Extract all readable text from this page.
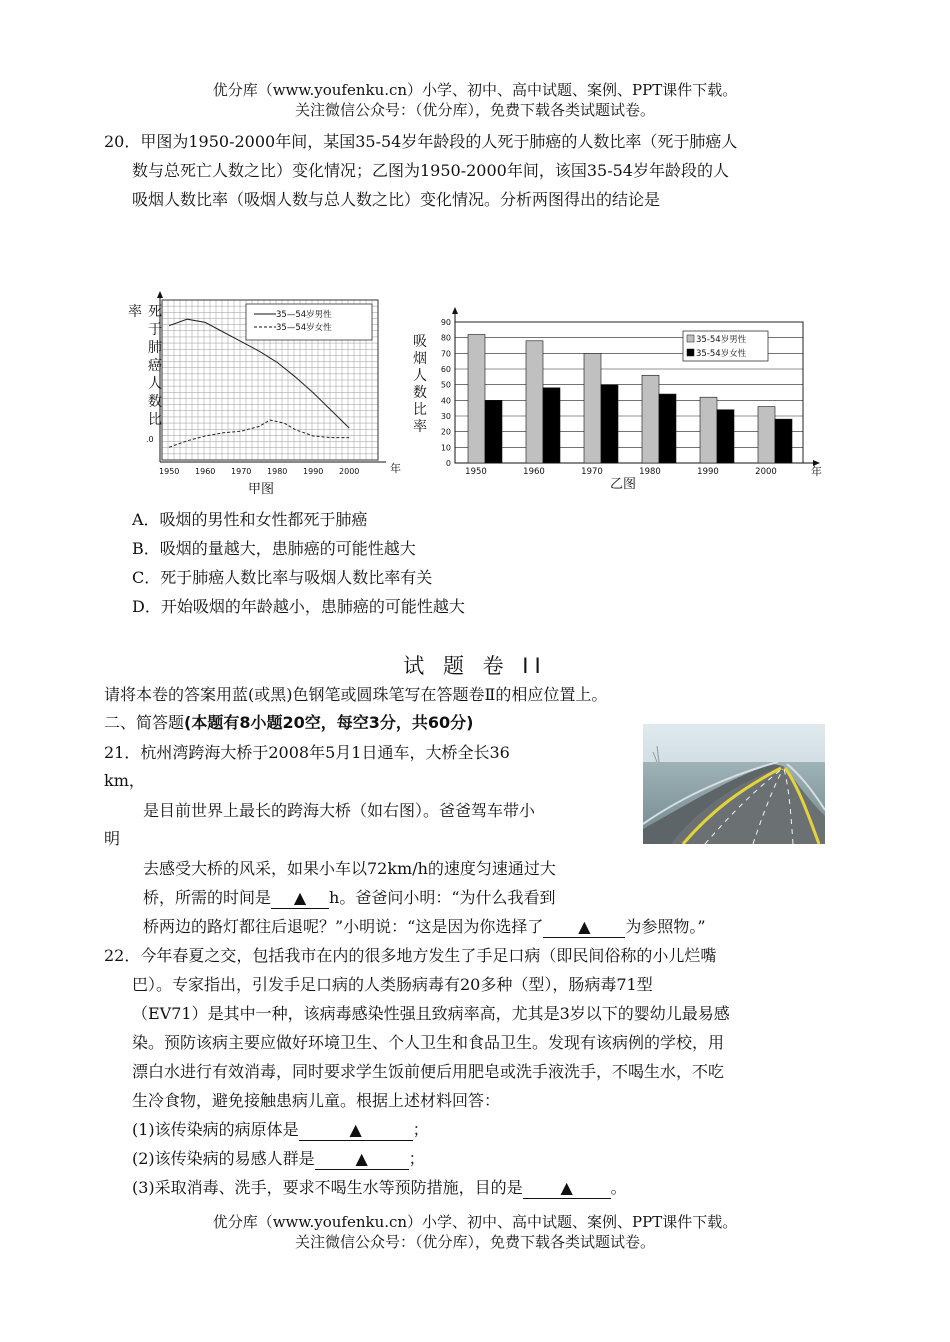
优分库（www.youfenku.cn）小学、初中、高中试题、案例、PPT课件下载。
关注微信公众号：（优分库），免费下载各类试题试卷。
20．甲图为1950-2000年间，某国35-54岁年龄段的人死于肺癌的人数比率（死于肺癌人
数与总死亡人数之比）变化情况；乙图为1950-2000年间，该国35-54岁年龄段的人
吸烟人数比率（吸烟人数与总人数之比）变化情况。分析两图得出的结论是
1950 1960 1970 1980 1990 2000	年
.0
率 死
于
肺
癌
人
数
比
35—54岁男性
35—54岁女性
甲图
0
10
20
30
40
50
60
70
80
90
1950	1960	1970	1980	1990	2000	年
吸
烟
人
数
比
率
35-54岁男性
35-54岁女性
乙图
A．吸烟的男性和女性都死于肺癌
B．吸烟的量越大，患肺癌的可能性越大
C．死于肺癌人数比率与吸烟人数比率有关
D．开始吸烟的年龄越小，患肺癌的可能性越大
试 题 卷 II
请将本卷的答案用蓝(或黑)色钢笔或圆珠笔写在答题卷Ⅱ的相应位置上。
二、简答题(本题有8小题20空，每空3分，共60分)
21．杭州湾跨海大桥于2008年5月1日通车，大桥全长36
km，
是目前世界上最长的跨海大桥（如右图）。爸爸驾车带小
明
去感受大桥的风采，如果小车以72km/h的速度匀速通过大
桥，所需的时间是 ▲ h。爸爸问小明：“为什么我看到
桥两边的路灯都往后退呢？”小明说：“这是因为你选择了 ▲ 为参照物。”
22．今年春夏之交，包括我市在内的很多地方发生了手足口病（即民间俗称的小儿烂嘴
巴）。专家指出，引发手足口病的人类肠病毒有20多种（型），肠病毒71型
（EV71）是其中一种，该病毒感染性强且致病率高，尤其是3岁以下的婴幼儿最易感
染。预防该病主要应做好环境卫生、个人卫生和食品卫生。发现有该病例的学校，用
漂白水进行有效消毒，同时要求学生饭前便后用肥皂或洗手液洗手，不喝生水，不吃
生冷食物，避免接触患病儿童。根据上述材料回答：
(1)该传染病的病原体是	▲	；
(2)该传染病的易感人群是	▲	；
(3)采取消毒、洗手，要求不喝生水等预防措施，目的是 ▲ 。
优分库（www.youfenku.cn）小学、初中、高中试题、案例、PPT课件下载。
关注微信公众号：（优分库），免费下载各类试题试卷。
